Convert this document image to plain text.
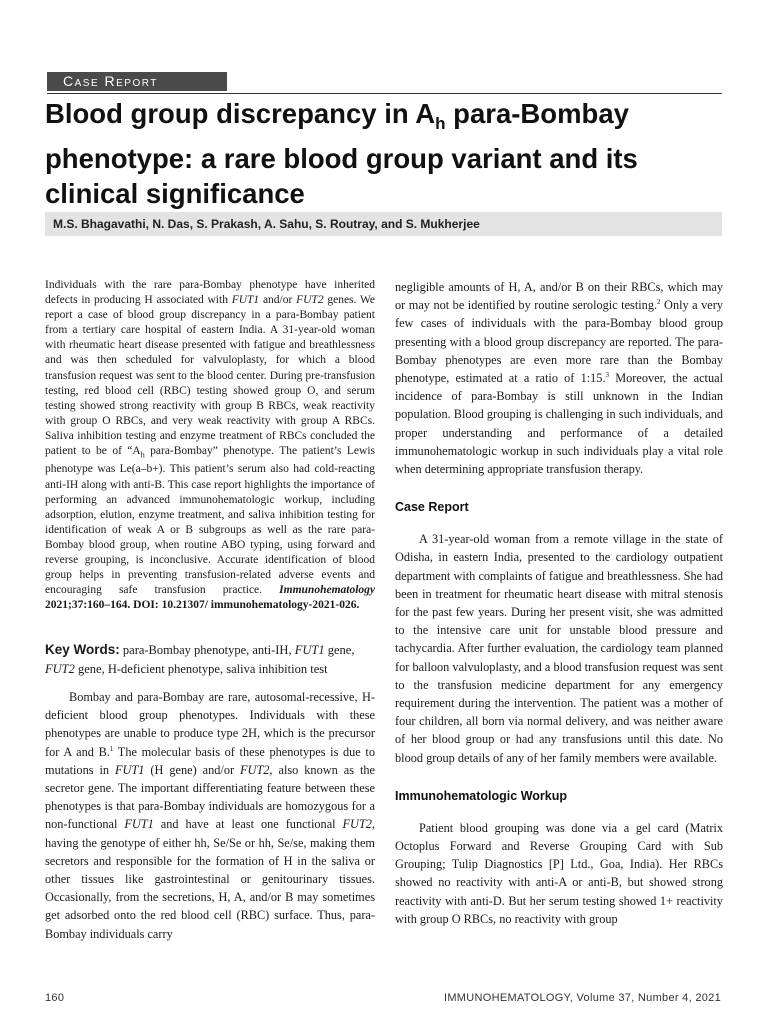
Case Report
Blood group discrepancy in $A_h$ para-Bombay phenotype: a rare blood group variant and its clinical significance
M.S. Bhagavathi, N. Das, S. Prakash, A. Sahu, S. Routray, and S. Mukherjee

Individuals with the rare para-Bombay phenotype have inherited defects in producing H associated with FUT1 and/or FUT2 genes. We report a case of blood group discrepancy in a para-Bombay patient from a tertiary care hospital of eastern India. A 31-year-old woman with rheumatic heart disease presented with fatigue and breathlessness and was then scheduled for valvuloplasty, for which a blood transfusion request was sent to the blood center. During pre-transfusion testing, red blood cell (RBC) testing showed group O, and serum testing showed strong reactivity with group B RBCs, weak reactivity with group O RBCs, and very weak reactivity with group A RBCs. Saliva inhibition testing and enzyme treatment of RBCs concluded the patient to be of “$A_h$ para-Bombay” phenotype. The patient’s Lewis phenotype was Le(a–b+). This patient’s serum also had cold-reacting anti-IH along with anti-B. This case report highlights the importance of performing an advanced immunohematologic workup, including adsorption, elution, enzyme treatment, and saliva inhibition testing for identification of weak A or B subgroups as well as the rare para-Bombay blood group, when routine ABO typing, using forward and reverse grouping, is inconclusive. Accurate identification of blood group helps in preventing transfusion-related adverse events and encouraging safe transfusion practice. Immunohematology 2021;37:160–164. DOI: 10.21307/ immunohematology-2021-026.

Key Words: para-Bombay phenotype, anti-IH, FUT1 gene, FUT2 gene, H-deficient phenotype, saliva inhibition test

Bombay and para-Bombay are rare, autosomal-recessive, H-deficient blood group phenotypes. Individuals with these phenotypes are unable to produce type 2H, which is the precursor for A and B.$^1$ The molecular basis of these phenotypes is due to mutations in FUT1 (H gene) and/or FUT2, also known as the secretor gene. The important differentiating feature between these phenotypes is that para-Bombay individuals are homozygous for a non-functional FUT1 and have at least one functional FUT2, having the genotype of either hh, Se/Se or hh, Se/se, making them secretors and responsible for the formation of H in the saliva or other tissues like gastrointestinal or genitourinary tissues. Occasionally, from the secretions, H, A, and/or B may sometimes get adsorbed onto the red blood cell (RBC) surface. Thus, para-Bombay individuals carry

negligible amounts of H, A, and/or B on their RBCs, which may or may not be identified by routine serologic testing.$^2$ Only a very few cases of individuals with the para-Bombay blood group presenting with a blood group discrepancy are reported. The para-Bombay phenotypes are even more rare than the Bombay phenotype, estimated at a ratio of 1:15.$^3$ Moreover, the actual incidence of para-Bombay is still unknown in the Indian population. Blood grouping is challenging in such individuals, and proper understanding and performance of a detailed immunohematologic workup in such individuals play a vital role when determining appropriate transfusion therapy.

Case Report

A 31-year-old woman from a remote village in the state of Odisha, in eastern India, presented to the cardiology outpatient department with complaints of fatigue and breathlessness. She had been in treatment for rheumatic heart disease with mitral stenosis for the past few years. During her present visit, she was admitted to the intensive care unit for unstable blood pressure and tachycardia. After further evaluation, the cardiology team planned for balloon valvuloplasty, and a blood transfusion request was sent to the transfusion medicine department for any emergency requirement during the intervention. The patient was a mother of four children, all born via normal delivery, and was neither aware of her blood group or had any transfusions until this date. No blood group details of any of her family members were available.

Immunohematologic Workup

Patient blood grouping was done via a gel card (Matrix Octoplus Forward and Reverse Grouping Card with Sub Grouping; Tulip Diagnostics [P] Ltd., Goa, India). Her RBCs showed no reactivity with anti-A or anti-B, but showed strong reactivity with anti-D. But her serum testing showed 1+ reactivity with group O RBCs, no reactivity with group

160	IMMUNOHEMATOLOGY, Volume 37, Number 4, 2021
